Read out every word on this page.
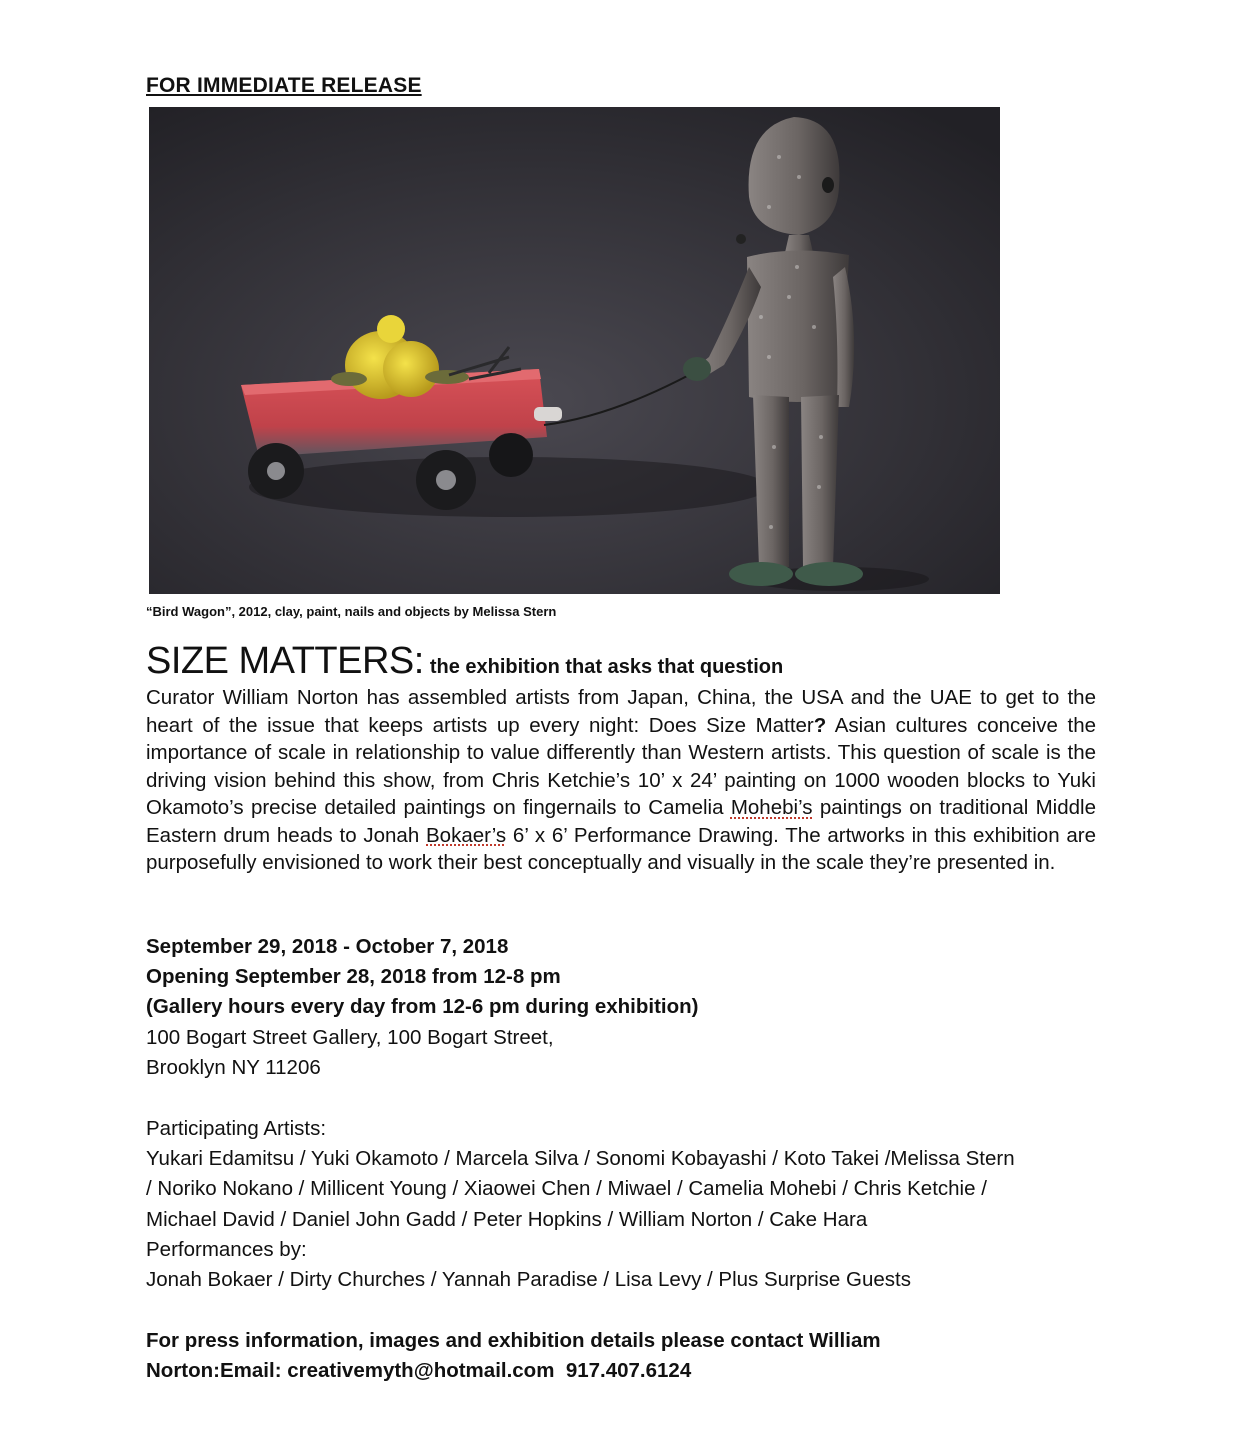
FOR IMMEDIATE RELEASE
“Bird Wagon”, 2012, clay, paint, nails and objects by Melissa Stern
SIZE MATTERS: the exhibition that asks that question
Curator William Norton has assembled artists from Japan, China, the USA and the UAE to get to the heart of the issue that keeps artists up every night: Does Size Matter? Asian cultures conceive the importance of scale in relationship to value differently than Western artists. This question of scale is the driving vision behind this show, from Chris Ketchie’s 10’ x 24’ painting on 1000 wooden blocks to Yuki Okamoto’s precise detailed paintings on fingernails to Camelia Mohebi’s paintings on traditional Middle Eastern drum heads to Jonah Bokaer’s 6’ x 6’ Performance Drawing. The artworks in this exhibition are purposefully envisioned to work their best conceptually and visually in the scale they’re presented in.
September 29, 2018 - October 7, 2018
Opening September 28, 2018 from 12-8 pm
(Gallery hours every day from 12-6 pm during exhibition)
100 Bogart Street Gallery, 100 Bogart Street,
Brooklyn NY 11206
Participating Artists:
Yukari Edamitsu / Yuki Okamoto / Marcela Silva / Sonomi Kobayashi / Koto Takei /Melissa Stern
/ Noriko Nokano / Millicent Young / Xiaowei Chen / Miwael / Camelia Mohebi / Chris Ketchie /
Michael David / Daniel John Gadd / Peter Hopkins / William Norton / Cake Hara
Performances by:
Jonah Bokaer / Dirty Churches / Yannah Paradise / Lisa Levy / Plus Surprise Guests
For press information, images and exhibition details please contact William
Norton:Email: creativemyth@hotmail.com  917.407.6124
